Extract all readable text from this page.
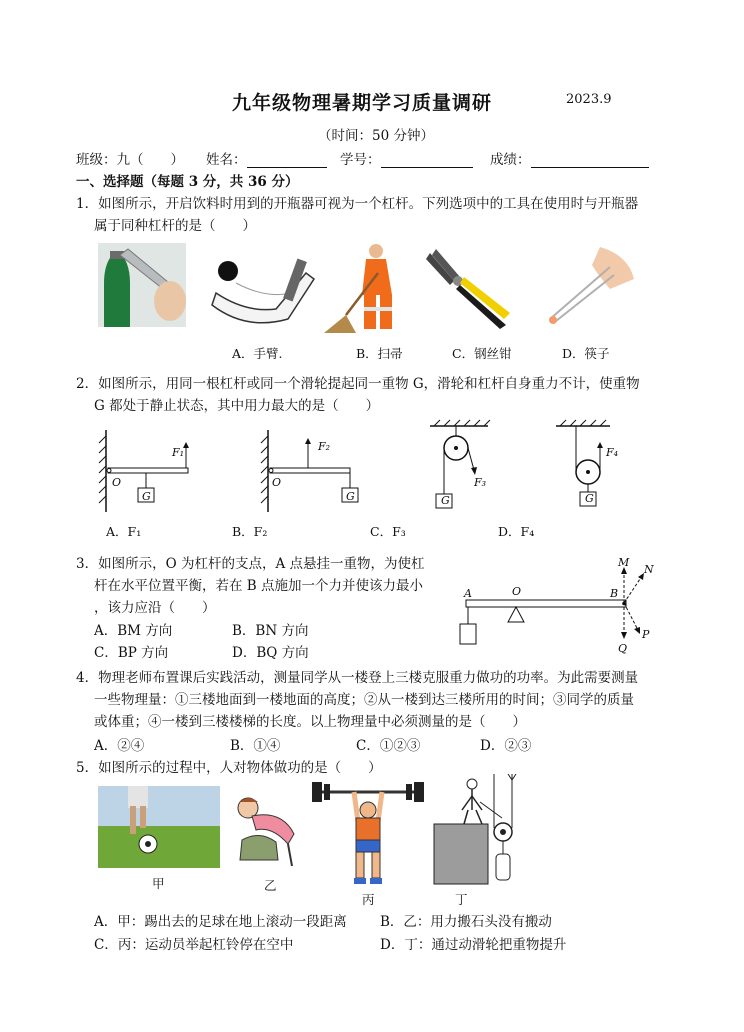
九年级物理暑期学习质量调研	2023.9
（时间：50 分钟）
班级：九（　　） 姓名：	学号：	成绩：
一、选择题（每题 3 分，共 36 分）
1．如图所示，开启饮料时用到的开瓶器可视为一个杠杆。下列选项中的工具在使用时与开瓶器
属于同种杠杆的是（　　）
A．手臂.	B．扫帚	C．钢丝钳	D．筷子
2．如图所示，用同一根杠杆或同一个滑轮提起同一重物 G，滑轮和杠杆自身重力不计，使重物
G 都处于静止状态，其中用力最大的是（　　）
O
G
F₁
O
G
F₂
G
F₃
G
F₄
A．F₁	B．F₂	C．F₃	D．F₄
3．如图所示，O 为杠杆的支点，A 点悬挂一重物，为使杠
杆在水平位置平衡，若在 B 点施加一个力并使该力最小
，该力应沿（　　）
A．BM 方向	B．BN 方向
C．BP 方向	D．BQ 方向
A	O	B
M
N
P
Q
4．物理老师布置课后实践活动，测量同学从一楼登上三楼克服重力做功的功率。为此需要测量
一些物理量：①三楼地面到一楼地面的高度；②从一楼到达三楼所用的时间；③同学的质量
或体重；④一楼到三楼楼梯的长度。以上物理量中必须测量的是（　　）
A．②④	B．①④	C．①②③	D．②③
5．如图所示的过程中，人对物体做功的是（　　）
甲	乙
丙	丁
A．甲：踢出去的足球在地上滚动一段距离 B．乙：用力搬石头没有搬动
C．丙：运动员举起杠铃停在空中	D．丁：通过动滑轮把重物提升
